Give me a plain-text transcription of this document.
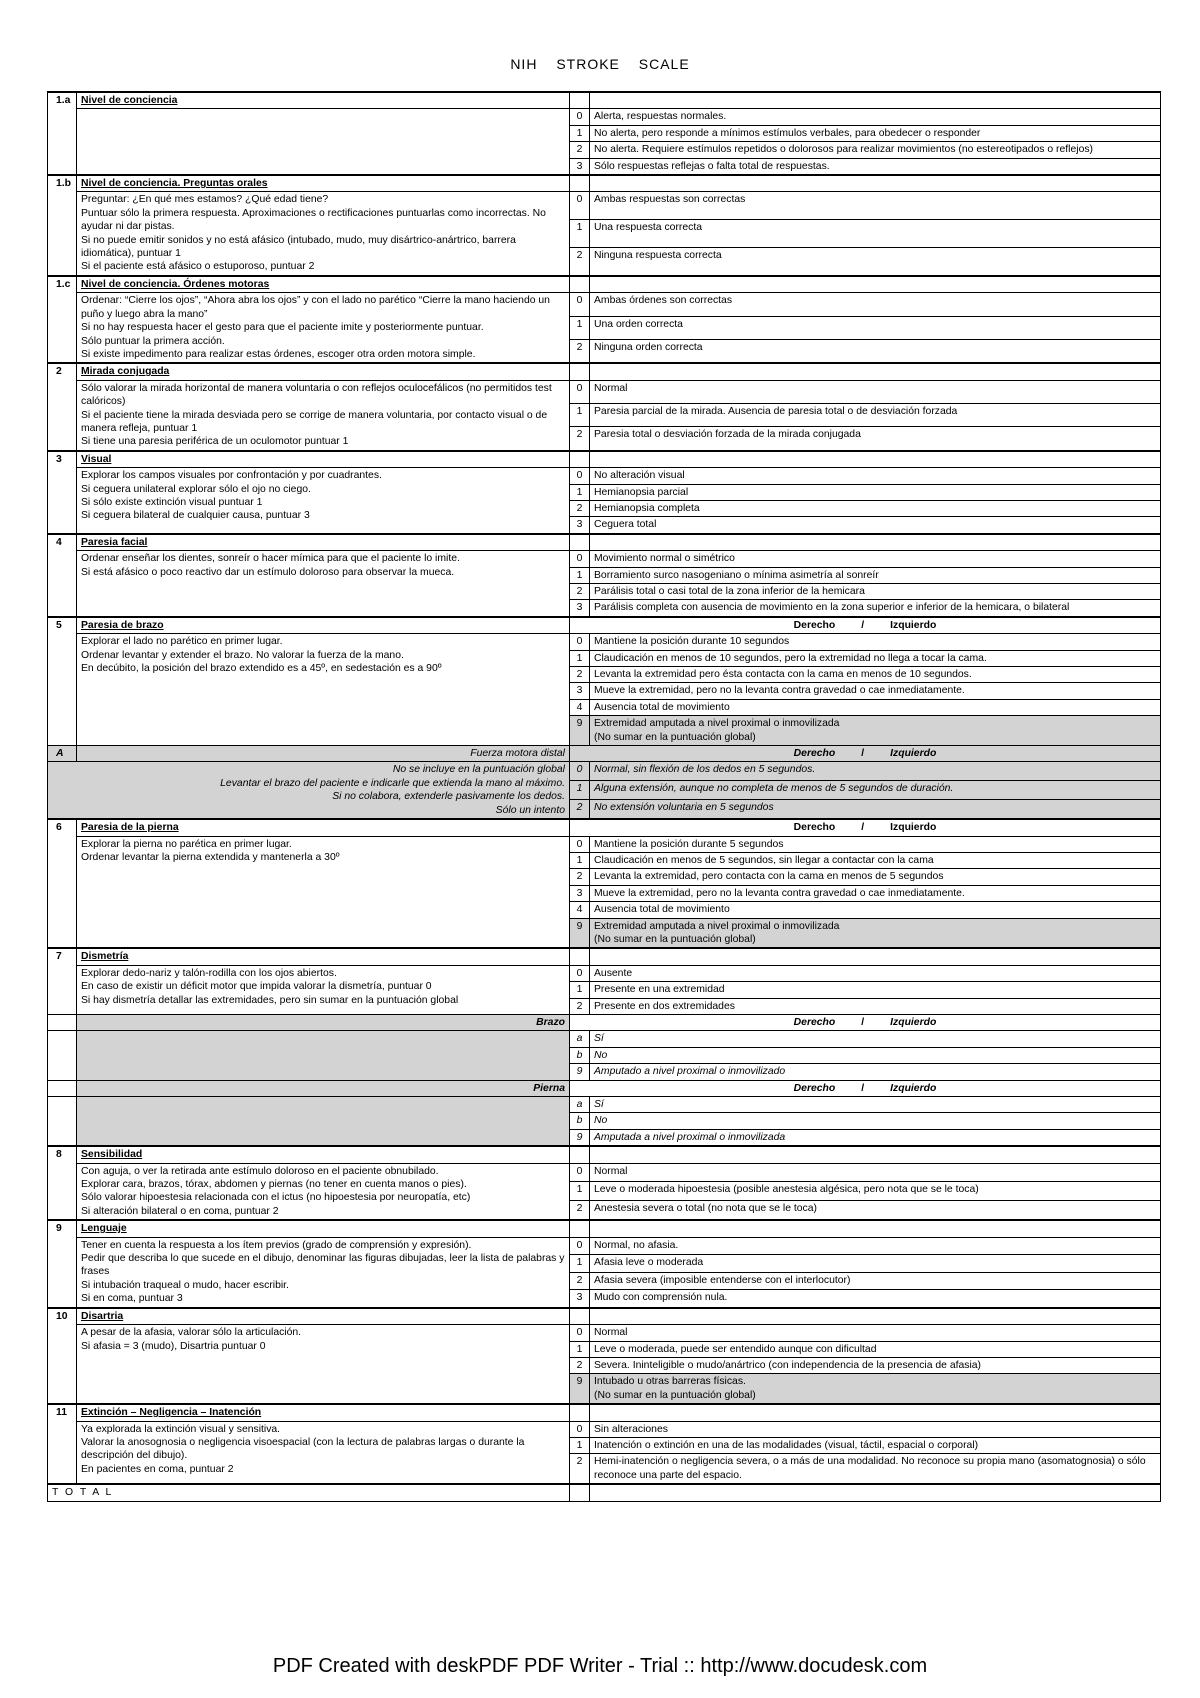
NIH STROKE SCALE
1.a	Nivel de conciencia		
		0	Alerta, respuestas normales.
		1	No alerta, pero responde a mínimos estímulos verbales, para obedecer o responder
		2	No alerta. Requiere estímulos repetidos o dolorosos para realizar movimientos (no estereotipados o reflejos)
		3	Sólo respuestas reflejas o falta total de respuestas.
1.b	Nivel de conciencia. Preguntas orales		
	Preguntar: ¿En qué mes estamos? ¿Qué edad tiene?
Puntuar sólo la primera respuesta. Aproximaciones o rectificaciones puntuarlas como incorrectas. No ayudar ni dar pistas.
Si no puede emitir sonidos y no está afásico (intubado, mudo, muy disártrico-anártrico, barrera idiomática), puntuar 1
Si el paciente está afásico o estuporoso, puntuar 2	0	Ambas respuestas son correctas
		1	Una respuesta correcta
		2	Ninguna respuesta correcta
1.c	Nivel de conciencia. Órdenes motoras		
	Ordenar: “Cierre los ojos”, “Ahora abra los ojos” y con el lado no parético “Cierre la mano haciendo un puño y luego abra la mano”
Si no hay respuesta hacer el gesto para que el paciente imite y posteriormente puntuar.
Sólo puntuar la primera acción.
Si existe impedimento para realizar estas órdenes, escoger otra orden motora simple.	0	Ambas órdenes son correctas
		1	Una orden correcta
		2	Ninguna orden correcta
2	Mirada conjugada		
	Sólo valorar la mirada horizontal de manera voluntaria o con reflejos oculocefálicos (no permitidos test calóricos)
Si el paciente tiene la mirada desviada pero se corrige de manera voluntaria, por contacto visual o de manera refleja, puntuar 1
Si tiene una paresia periférica de un oculomotor puntuar 1	0	Normal
		1	Paresia parcial de la mirada. Ausencia de paresia total o de desviación forzada
		2	Paresia total o desviación forzada de la mirada conjugada
3	Visual		
	Explorar los campos visuales por confrontación y por cuadrantes.
Si ceguera unilateral explorar sólo el ojo no ciego.
Si sólo existe extinción visual puntuar 1
Si ceguera bilateral de cualquier causa, puntuar 3	0	No alteración visual
		1	Hemianopsia parcial
		2	Hemianopsia completa
		3	Ceguera total
4	Paresia facial		
	Ordenar enseñar los dientes, sonreír o hacer mímica para que el paciente lo imite.
Si está afásico o poco reactivo dar un estímulo doloroso para observar la mueca.	0	Movimiento normal o simétrico
		1	Borramiento surco nasogeniano o mínima asimetría al sonreír
		2	Parálisis total o casi total de la zona inferior de la hemicara
		3	Parálisis completa con ausencia de movimiento en la zona superior e inferior de la hemicara, o bilateral
5	Paresia de brazo	Derecho / Izquierdo	
	Explorar el lado no parético en primer lugar.
Ordenar levantar y extender el brazo. No valorar la fuerza de la mano.
En decúbito, la posición del brazo extendido es a 45º, en sedestación es a 90º	0	Mantiene la posición durante 10 segundos
		1	Claudicación en menos de 10 segundos, pero la extremidad no llega a tocar la cama.
		2	Levanta la extremidad pero ésta contacta con la cama en menos de 10 segundos.
		3	Mueve la extremidad, pero no la levanta contra gravedad o cae inmediatamente.
		4	Ausencia total de movimiento
		9	Extremidad amputada a nivel proximal o inmovilizada
(No sumar en la puntuación global)
A	Fuerza motora distal	Derecho / Izquierdo	

No se incluye en la puntuación global
Levantar el brazo del paciente e indicarle que extienda la mano al máximo.
Si no colabora, extenderle pasivamente los dedos.
Sólo un intento		0	Normal, sin flexión de los dedos en 5 segundos.
		1	Alguna extensión, aunque no completa de menos de 5 segundos de duración.
		2	No extensión voluntaria en 5 segundos
6	Paresia de la pierna	Derecho / Izquierdo	
	Explorar la pierna no parética en primer lugar.
Ordenar levantar la pierna extendida y mantenerla a 30º	0	Mantiene la posición durante 5 segundos
		1	Claudicación en menos de 5 segundos, sin llegar a contactar con la cama
		2	Levanta la extremidad, pero contacta con la cama en menos de 5 segundos
		3	Mueve la extremidad, pero no la levanta contra gravedad o cae inmediatamente.
		4	Ausencia total de movimiento
		9	Extremidad amputada a nivel proximal o inmovilizada
(No sumar en la puntuación global)
7	Dismetría		
	Explorar dedo-nariz y talón-rodilla con los ojos abiertos.
En caso de existir un déficit motor que impida valorar la dismetría, puntuar 0
Si hay dismetría detallar las extremidades, pero sin sumar en la puntuación global	0	Ausente
		1	Presente en una extremidad
		2	Presente en dos extremidades
	Brazo	Derecho / Izquierdo	
		a	Sí
		b	No
		9	Amputado a nivel proximal o inmovilizado
	Pierna	Derecho / Izquierdo	
		a	Sí
		b	No
		9	Amputada a nivel proximal o inmovilizada
8	Sensibilidad		
	Con aguja, o ver la retirada ante estímulo doloroso en el paciente obnubilado.
Explorar cara, brazos, tórax, abdomen y piernas (no tener en cuenta manos o pies).
Sólo valorar hipoestesia relacionada con el ictus (no hipoestesia por neuropatía, etc)
Si alteración bilateral o en coma, puntuar 2	0	Normal
		1	Leve o moderada hipoestesia (posible anestesia algésica, pero nota que se le toca)
		2	Anestesia severa o total (no nota que se le toca)
9	Lenguaje		
	Tener en cuenta la respuesta a los ítem previos (grado de comprensión y expresión).
Pedir que describa lo que sucede en el dibujo, denominar las figuras dibujadas, leer la lista de palabras y frases
Si intubación traqueal o mudo, hacer escribir.
Si en coma, puntuar 3	0	Normal, no afasia.
		1	Afasia leve o moderada
		2	Afasia severa (imposible entenderse con el interlocutor)
		3	Mudo con comprensión nula.
10	Disartria		
	A pesar de la afasia, valorar sólo la articulación.
Si afasia = 3 (mudo), Disartria puntuar 0	0	Normal
		1	Leve o moderada, puede ser entendido aunque con dificultad
		2	Severa. Ininteligible o mudo/anártrico (con independencia de la presencia de afasia)
		9	Intubado u otras barreras físicas.
(No sumar en la puntuación global)
11	Extinción – Negligencia – Inatención		
	Ya explorada la extinción visual y sensitiva.
Valorar la anosognosia o negligencia visoespacial (con la lectura de palabras largas o durante la descripción del dibujo).
En pacientes en coma, puntuar 2	0	Sin alteraciones
		1	Inatención o extinción en una de las modalidades (visual, táctil, espacial o corporal)
		2	Hemi-inatención o negligencia severa, o a más de una modalidad. No reconoce su propia mano (asomatognosia) o sólo reconoce una parte del espacio.
T O T A L			
PDF Created with deskPDF PDF Writer - Trial :: http://www.docudesk.com
